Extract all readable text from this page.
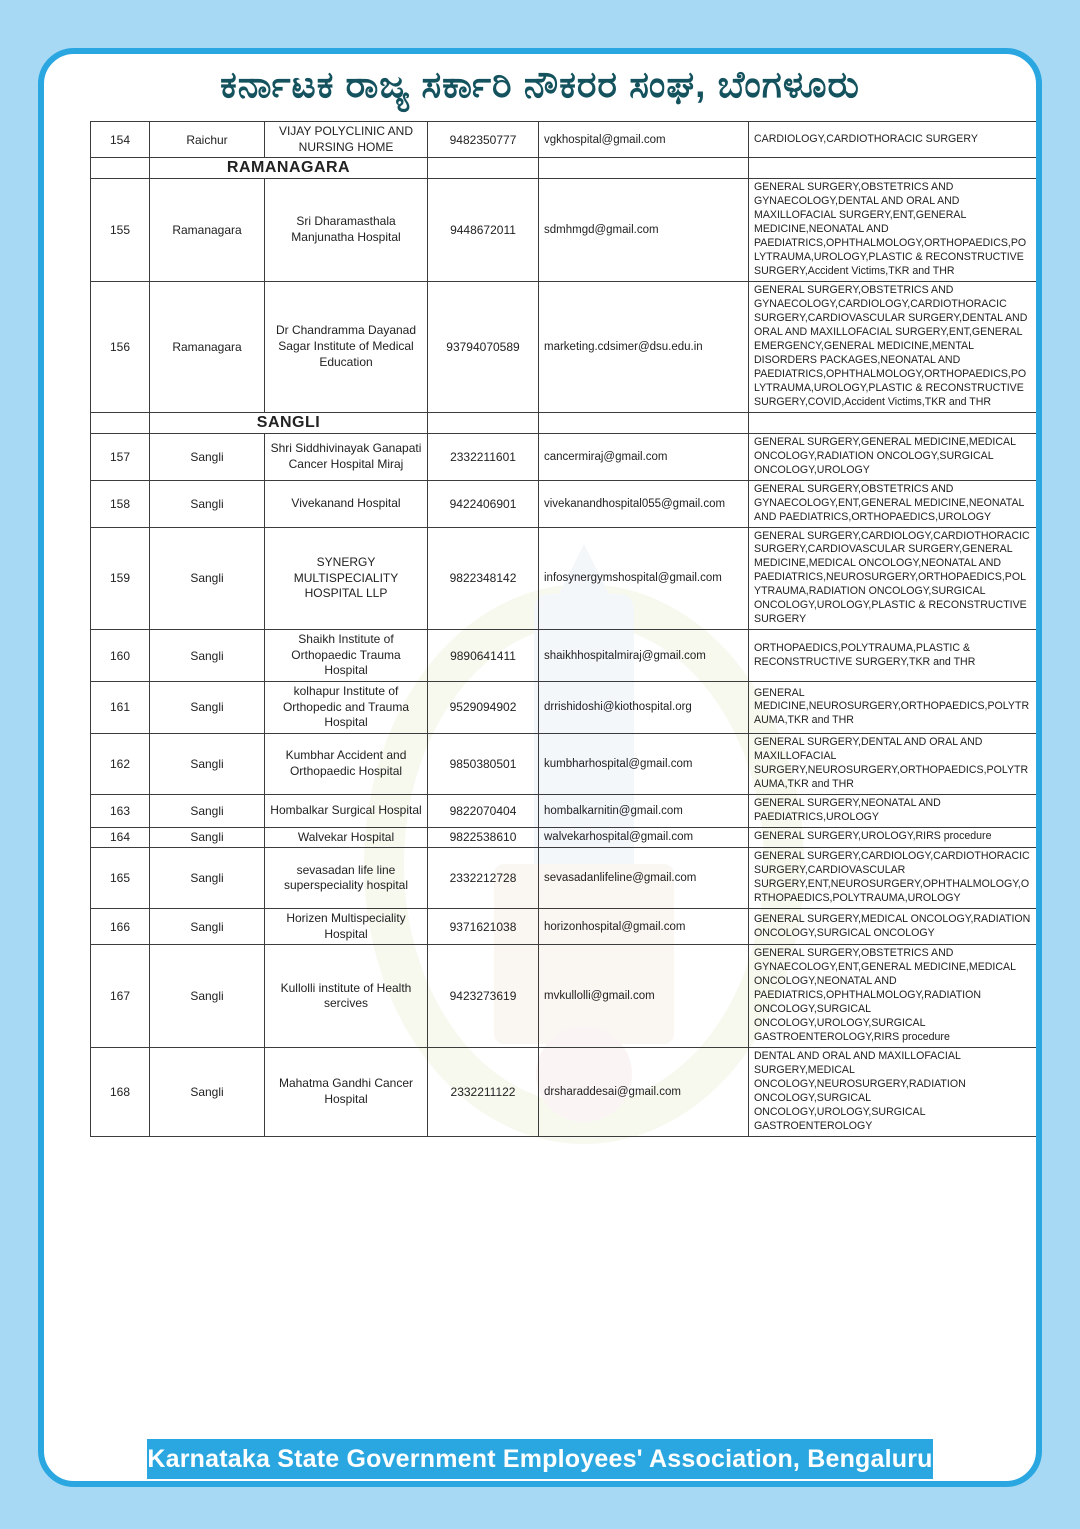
ಕರ್ನಾಟಕ ರಾಜ್ಯ ಸರ್ಕಾರಿ ನೌಕರರ ಸಂಘ, ಬೆಂಗಳೂರು
154	Raichur	VIJAY POLYCLINIC AND NURSING HOME	9482350777	vgkhospital@gmail.com	CARDIOLOGY,CARDIOTHORACIC SURGERY
	RAMANAGARA				
155	Ramanagara	Sri Dharamasthala Manjunatha Hospital	9448672011	sdmhmgd@gmail.com	GENERAL SURGERY,OBSTETRICS AND GYNAECOLOGY,DENTAL AND ORAL AND MAXILLOFACIAL SURGERY,ENT,GENERAL MEDICINE,NEONATAL AND PAEDIATRICS,OPHTHALMOLOGY,ORTHOPAEDICS,POLYTRAUMA,UROLOGY,PLASTIC & RECONSTRUCTIVE SURGERY,Accident Victims,TKR and THR
156	Ramanagara	Dr Chandramma Dayanad Sagar Institute of Medical Education	93794070589	marketing.cdsimer@dsu.edu.in	GENERAL SURGERY,OBSTETRICS AND GYNAECOLOGY,CARDIOLOGY,CARDIOTHORACIC SURGERY,CARDIOVASCULAR SURGERY,DENTAL AND ORAL AND MAXILLOFACIAL SURGERY,ENT,GENERAL EMERGENCY,GENERAL MEDICINE,MENTAL DISORDERS PACKAGES,NEONATAL AND PAEDIATRICS,OPHTHALMOLOGY,ORTHOPAEDICS,POLYTRAUMA,UROLOGY,PLASTIC & RECONSTRUCTIVE SURGERY,COVID,Accident Victims,TKR and THR
	SANGLI				
157	Sangli	Shri Siddhivinayak Ganapati Cancer Hospital Miraj	2332211601	cancermiraj@gmail.com	GENERAL SURGERY,GENERAL MEDICINE,MEDICAL ONCOLOGY,RADIATION ONCOLOGY,SURGICAL ONCOLOGY,UROLOGY
158	Sangli	Vivekanand Hospital	9422406901	vivekanandhospital055@gmail.com	GENERAL SURGERY,OBSTETRICS AND GYNAECOLOGY,ENT,GENERAL MEDICINE,NEONATAL AND PAEDIATRICS,ORTHOPAEDICS,UROLOGY
159	Sangli	SYNERGY MULTISPECIALITY HOSPITAL LLP	9822348142	infosynergymshospital@gmail.com	GENERAL SURGERY,CARDIOLOGY,CARDIOTHORACIC SURGERY,CARDIOVASCULAR SURGERY,GENERAL MEDICINE,MEDICAL ONCOLOGY,NEONATAL AND PAEDIATRICS,NEUROSURGERY,ORTHOPAEDICS,POLYTRAUMA,RADIATION ONCOLOGY,SURGICAL ONCOLOGY,UROLOGY,PLASTIC & RECONSTRUCTIVE SURGERY
160	Sangli	Shaikh Institute of Orthopaedic Trauma Hospital	9890641411	shaikhhospitalmiraj@gmail.com	ORTHOPAEDICS,POLYTRAUMA,PLASTIC & RECONSTRUCTIVE SURGERY,TKR and THR
161	Sangli	kolhapur Institute of Orthopedic and Trauma Hospital	9529094902	drrishidoshi@kiothospital.org	GENERAL MEDICINE,NEUROSURGERY,ORTHOPAEDICS,POLYTRAUMA,TKR and THR
162	Sangli	Kumbhar Accident and Orthopaedic Hospital	9850380501	kumbharhospital@gmail.com	GENERAL SURGERY,DENTAL AND ORAL AND MAXILLOFACIAL SURGERY,NEUROSURGERY,ORTHOPAEDICS,POLYTRAUMA,TKR and THR
163	Sangli	Hombalkar Surgical Hospital	9822070404	hombalkarnitin@gmail.com	GENERAL SURGERY,NEONATAL AND PAEDIATRICS,UROLOGY
164	Sangli	Walvekar Hospital	9822538610	walvekarhospital@gmail.com	GENERAL SURGERY,UROLOGY,RIRS procedure
165	Sangli	sevasadan life line superspeciality hospital	2332212728	sevasadanlifeline@gmail.com	GENERAL SURGERY,CARDIOLOGY,CARDIOTHORACIC SURGERY,CARDIOVASCULAR SURGERY,ENT,NEUROSURGERY,OPHTHALMOLOGY,ORTHOPAEDICS,POLYTRAUMA,UROLOGY
166	Sangli	Horizen Multispeciality Hospital	9371621038	horizonhospital@gmail.com	GENERAL SURGERY,MEDICAL ONCOLOGY,RADIATION ONCOLOGY,SURGICAL ONCOLOGY
167	Sangli	Kullolli institute of Health sercives	9423273619	mvkullolli@gmail.com	GENERAL SURGERY,OBSTETRICS AND GYNAECOLOGY,ENT,GENERAL MEDICINE,MEDICAL ONCOLOGY,NEONATAL AND PAEDIATRICS,OPHTHALMOLOGY,RADIATION ONCOLOGY,SURGICAL ONCOLOGY,UROLOGY,SURGICAL GASTROENTEROLOGY,RIRS procedure
168	Sangli	Mahatma Gandhi Cancer Hospital	2332211122	drsharaddesai@gmail.com	DENTAL AND ORAL AND MAXILLOFACIAL SURGERY,MEDICAL ONCOLOGY,NEUROSURGERY,RADIATION ONCOLOGY,SURGICAL ONCOLOGY,UROLOGY,SURGICAL GASTROENTEROLOGY
Karnataka State Government Employees' Association, Bengaluru
